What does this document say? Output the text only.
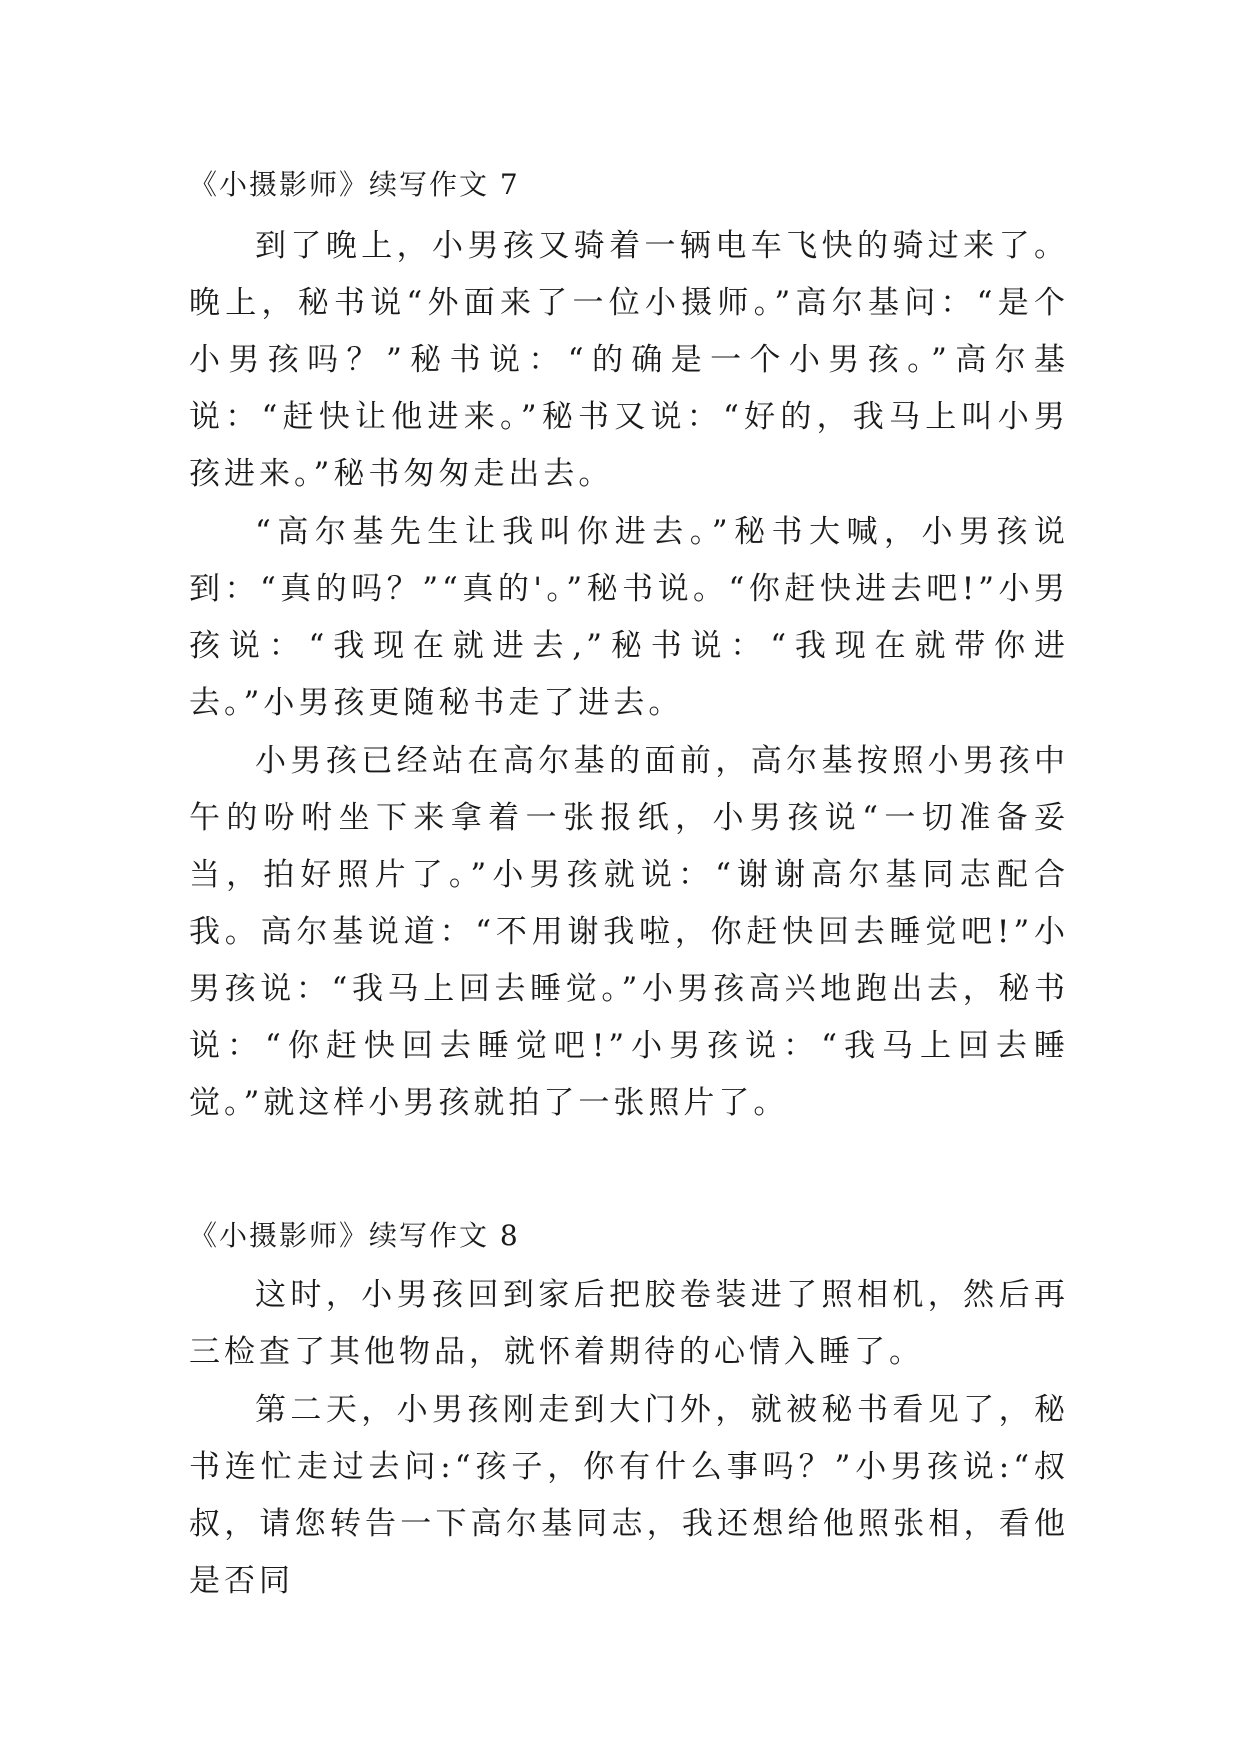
《小摄影师》续写作文 7

到了晚上，小男孩又骑着一辆电车飞快的骑过来了。晚上，秘书说“外面来了一位小摄师。”高尔基问：“是个小男孩吗？”秘书说：“的确是一个小男孩。”高尔基说：“赶快让他进来。”秘书又说：“好的，我马上叫小男孩进来。”秘书匆匆走出去。

“高尔基先生让我叫你进去。”秘书大喊，小男孩说到：“真的吗？”“真的'。”秘书说。“你赶快进去吧!”小男孩说：“我现在就进去,”秘书说：“我现在就带你进去。”小男孩更随秘书走了进去。

小男孩已经站在高尔基的面前，高尔基按照小男孩中午的吩咐坐下来拿着一张报纸，小男孩说“一切准备妥当，拍好照片了。”小男孩就说：“谢谢高尔基同志配合我。高尔基说道：“不用谢我啦，你赶快回去睡觉吧!”小男孩说：“我马上回去睡觉。”小男孩高兴地跑出去，秘书说：“你赶快回去睡觉吧!”小男孩说：“我马上回去睡觉。”就这样小男孩就拍了一张照片了。

《小摄影师》续写作文 8

这时，小男孩回到家后把胶卷装进了照相机，然后再三检查了其他物品，就怀着期待的心情入睡了。

第二天，小男孩刚走到大门外，就被秘书看见了，秘书连忙走过去问:“孩子，你有什么事吗？”小男孩说:“叔叔，请您转告一下高尔基同志，我还想给他照张相，看他是否同
